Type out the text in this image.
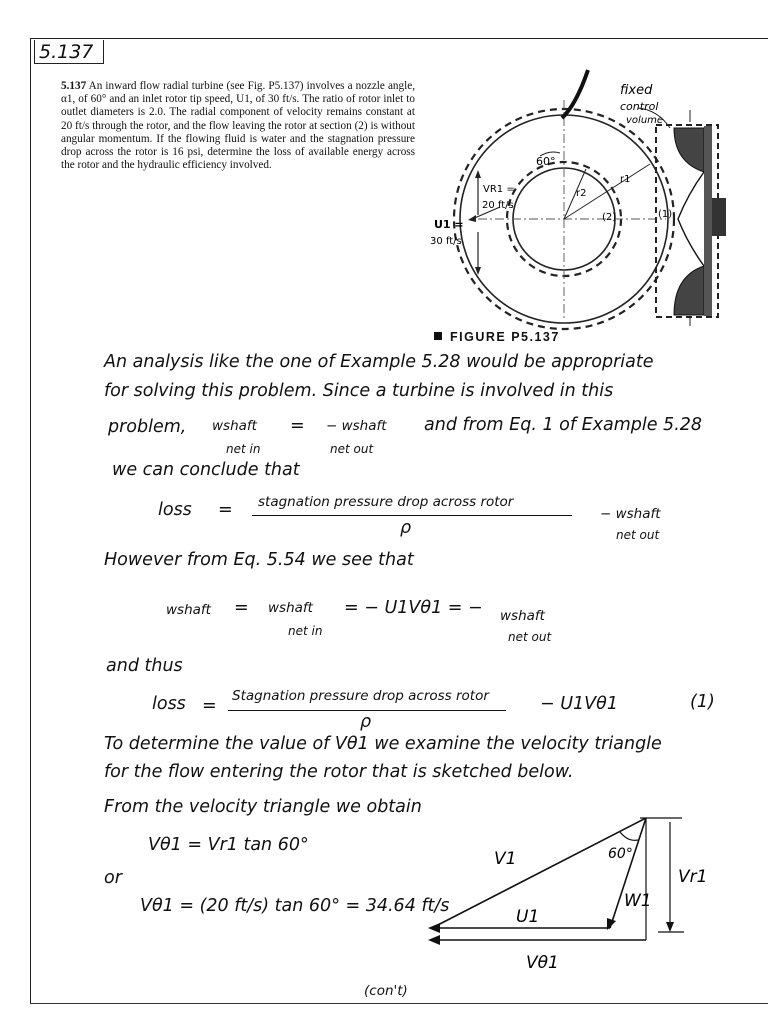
5.137
5.137 An inward flow radial turbine (see Fig. P5.137) involves a nozzle angle, α1, of 60° and an inlet rotor tip speed, U1, of 30 ft/s. The ratio of rotor inlet to outlet diameters is 2.0. The radial component of velocity remains constant at 20 ft/s through the rotor, and the flow leaving the rotor at section (2) is without angular momentum. If the flowing fluid is water and the stagnation pressure drop across the rotor is 16 psi, determine the loss of available energy across the rotor and the hydraulic efficiency involved.
fixed
control
volume
60°
VR1 =
20 ft/s
U1 =
30 ft/s
r2
r1
(2)	(1)
FIGURE P5.137
An analysis like the one of Example 5.28 would be appropriate
for solving this problem. Since a turbine is involved in this
problem, wshaft
net in
= − wshaft
net out
and from Eq. 1 of Example 5.28
we can conclude that
loss = stagnation pressure drop across rotor
ρ
− wshaft
net out
However from Eq. 5.54 we see that
wshaft = wshaft
net in
= − U1Vθ1 = − wshaft
net out
and thus
loss = Stagnation pressure drop across rotor
ρ
− U1Vθ1	(1)
To determine the value of Vθ1 we examine the velocity triangle
for the flow entering the rotor that is sketched below.
From the velocity triangle we obtain
Vθ1 = Vr1 tan 60°
or
Vθ1 = (20 ft/s) tan 60° = 34.64 ft/s
V1	60°
W1
U1
Vr1
Vθ1
(con't)
